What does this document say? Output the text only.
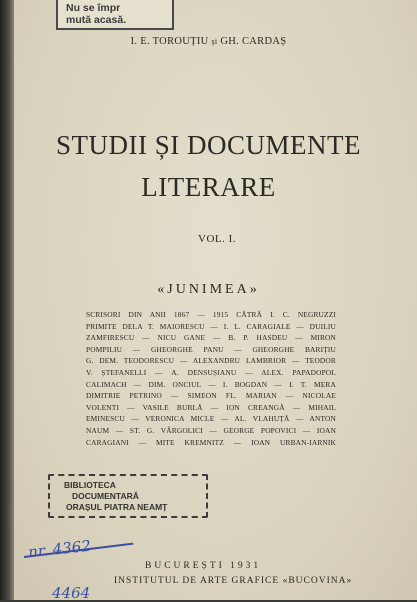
Nu se împr
mută acasă.
I. E. TOROUȚIU și GH. CARDAȘ
STUDII ȘI DOCUMENTE
LITERARE
VOL. I.
«JUNIMEA»
SCRISORI DIN ANII 1867 — 1915 CĂTRĂ I. C. NEGRUZZI
PRIMITE DELA T. MAIORESCU — I. L. CARAGIALE — DUILIU
ZAMFIRESCU — NICU GANE — B. P. HASDEU — MIRON
POMPILIU — GHEORGHE PANU — GHEORGHE BARIȚIU
G. DEM. TEODORESCU — ALEXANDRU LAMBRIOR — TEODOR
V. ȘTEFANELLI — A. DENSUȘIANU — ALEX. PAPADOPOL
CALIMACH — DIM. ONCIUL — I. BOGDAN — I. T. MERA
DIMITRIE PETRINO — SIMEON FL. MARIAN — NICOLAE
VOLENTI — VASILE BURLĂ — ION CREANGĂ — MIHAIL
EMINESCU — VERONICA MICLE — AL. VLAHUȚĂ — ANTON
NAUM — ST. G. VÂRGOLICI — GEORGE POPOVICI — IOAN
CARAGIANI — MITE KREMNITZ — IOAN URBAN-IARNIK
BIBLIOTECA
DOCUMENTARĂ
ORAȘUL PIATRA NEAMȚ
nr. 4362
4464
BUCUREȘTI 1931
INSTITUTUL DE ARTE GRAFICE «BUCOVINA»
